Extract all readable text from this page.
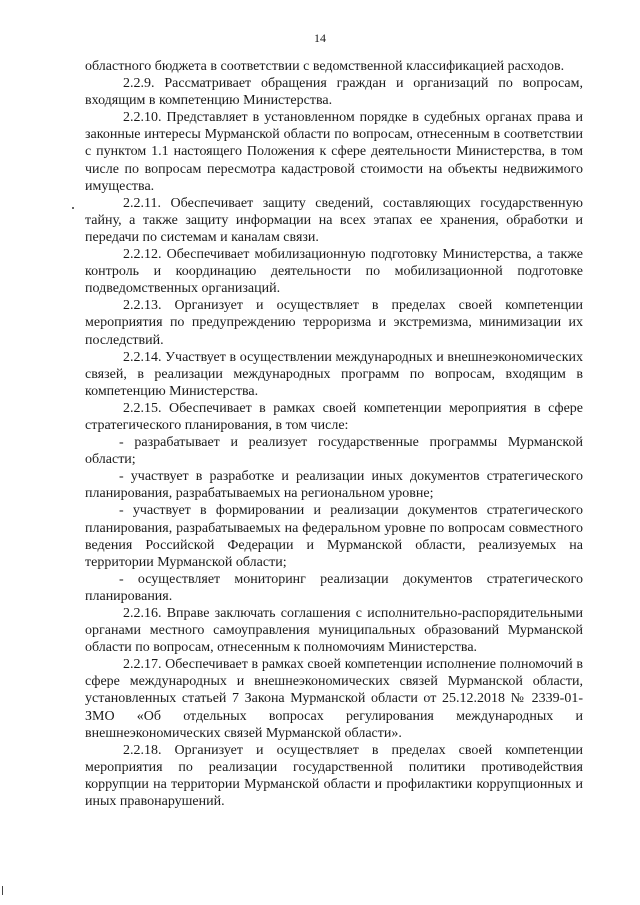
14

областного бюджета в соответствии с ведомственной классификацией расходов.

2.2.9. Рассматривает обращения граждан и организаций по вопросам, входящим в компетенцию Министерства.

2.2.10. Представляет в установленном порядке в судебных органах права и законные интересы Мурманской области по вопросам, отнесенным в соответствии с пунктом 1.1 настоящего Положения к сфере деятельности Министерства, в том числе по вопросам пересмотра кадастровой стоимости на объекты недвижимого имущества.

2.2.11. Обеспечивает защиту сведений, составляющих государственную тайну, а также защиту информации на всех этапах ее хранения, обработки и передачи по системам и каналам связи.

2.2.12. Обеспечивает мобилизационную подготовку Министерства, а также контроль и координацию деятельности по мобилизационной подготовке подведомственных организаций.

2.2.13. Организует и осуществляет в пределах своей компетенции мероприятия по предупреждению терроризма и экстремизма, минимизации их последствий.

2.2.14. Участвует в осуществлении международных и внешнеэкономических связей, в реализации международных программ по вопросам, входящим в компетенцию Министерства.

2.2.15. Обеспечивает в рамках своей компетенции мероприятия в сфере стратегического планирования, в том числе:

- разрабатывает и реализует государственные программы Мурманской области;

- участвует в разработке и реализации иных документов стратегического планирования, разрабатываемых на региональном уровне;

- участвует в формировании и реализации документов стратегического планирования, разрабатываемых на федеральном уровне по вопросам совместного ведения Российской Федерации и Мурманской области, реализуемых на территории Мурманской области;

- осуществляет мониторинг реализации документов стратегического планирования.

2.2.16. Вправе заключать соглашения с исполнительно-распорядительными органами местного самоуправления муниципальных образований Мурманской области по вопросам, отнесенным к полномочиям Министерства.

2.2.17. Обеспечивает в рамках своей компетенции исполнение полномочий в сфере международных и внешнеэкономических связей Мурманской области, установленных статьей 7 Закона Мурманской области от 25.12.2018 № 2339-01-ЗМО «Об отдельных вопросах регулирования международных и внешнеэкономических связей Мурманской области».

2.2.18. Организует и осуществляет в пределах своей компетенции мероприятия по реализации государственной политики противодействия коррупции на территории Мурманской области и профилактики коррупционных и иных правонарушений.
